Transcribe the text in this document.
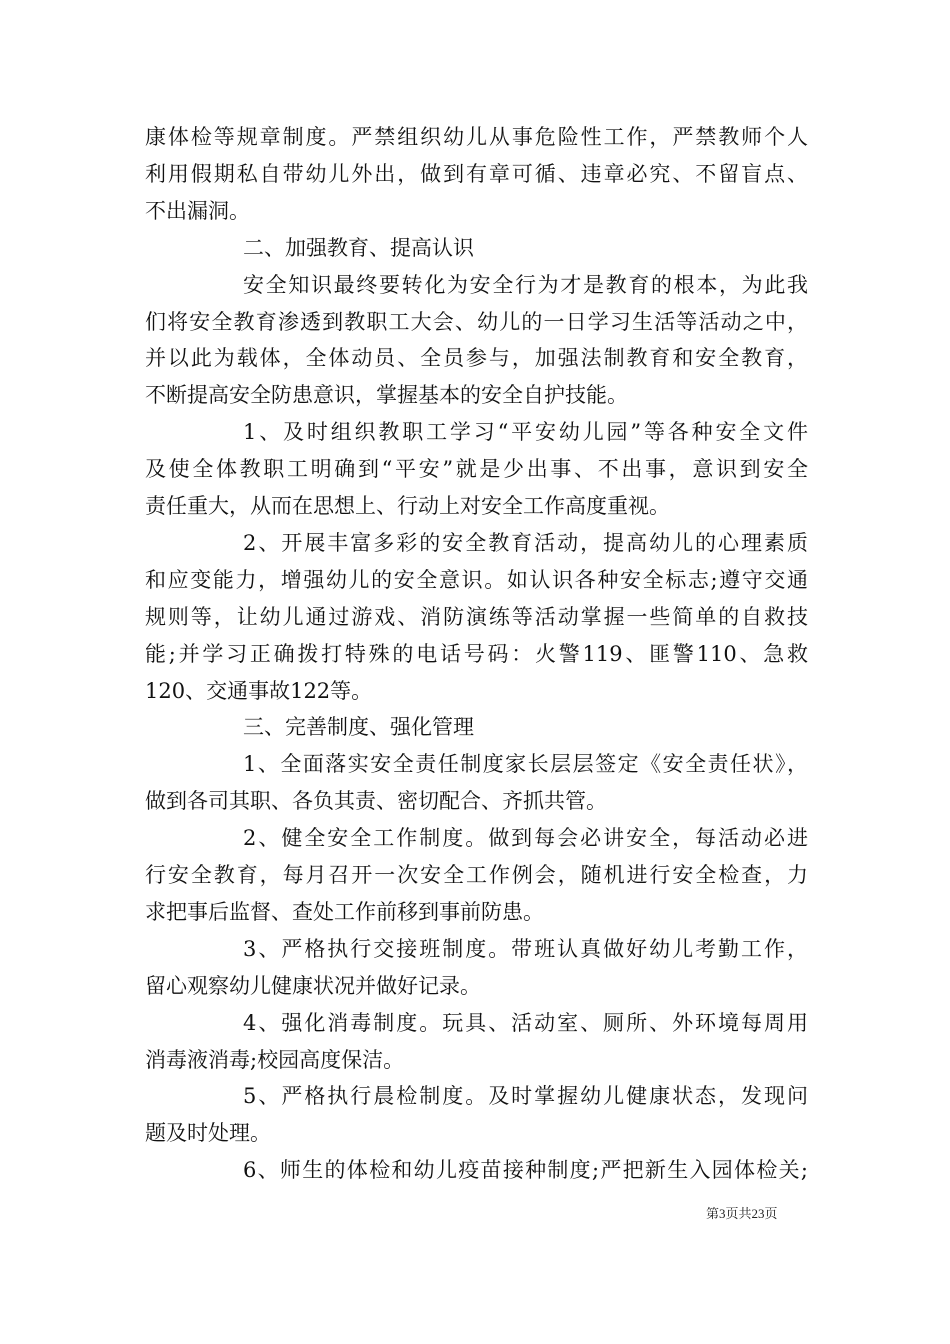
康体检等规章制度。严禁组织幼儿从事危险性工作，严禁教师个人
利用假期私自带幼儿外出，做到有章可循、违章必究、不留盲点、
不出漏洞。
二、加强教育、提高认识
安全知识最终要转化为安全行为才是教育的根本，为此我
们将安全教育渗透到教职工大会、幼儿的一日学习生活等活动之中，
并以此为载体，全体动员、全员参与，加强法制教育和安全教育，
不断提高安全防患意识，掌握基本的安全自护技能。
1、及时组织教职工学习“平安幼儿园”等各种安全文件
及使全体教职工明确到“平安”就是少出事、不出事，意识到安全
责任重大，从而在思想上、行动上对安全工作高度重视。
2、开展丰富多彩的安全教育活动，提高幼儿的心理素质
和应变能力，增强幼儿的安全意识。如认识各种安全标志;遵守交通
规则等，让幼儿通过游戏、消防演练等活动掌握一些简单的自救技
能;并学习正确拨打特殊的电话号码：火警119、匪警110、急救
120、交通事故122等。
三、完善制度、强化管理
1、全面落实安全责任制度家长层层签定《安全责任状》，
做到各司其职、各负其责、密切配合、齐抓共管。
2、健全安全工作制度。做到每会必讲安全，每活动必进
行安全教育，每月召开一次安全工作例会，随机进行安全检查，力
求把事后监督、查处工作前移到事前防患。
3、严格执行交接班制度。带班认真做好幼儿考勤工作，
留心观察幼儿健康状况并做好记录。
4、强化消毒制度。玩具、活动室、厕所、外环境每周用
消毒液消毒;校园高度保洁。
5、严格执行晨检制度。及时掌握幼儿健康状态，发现问
题及时处理。
6、师生的体检和幼儿疫苗接种制度;严把新生入园体检关;
第3页共23页
